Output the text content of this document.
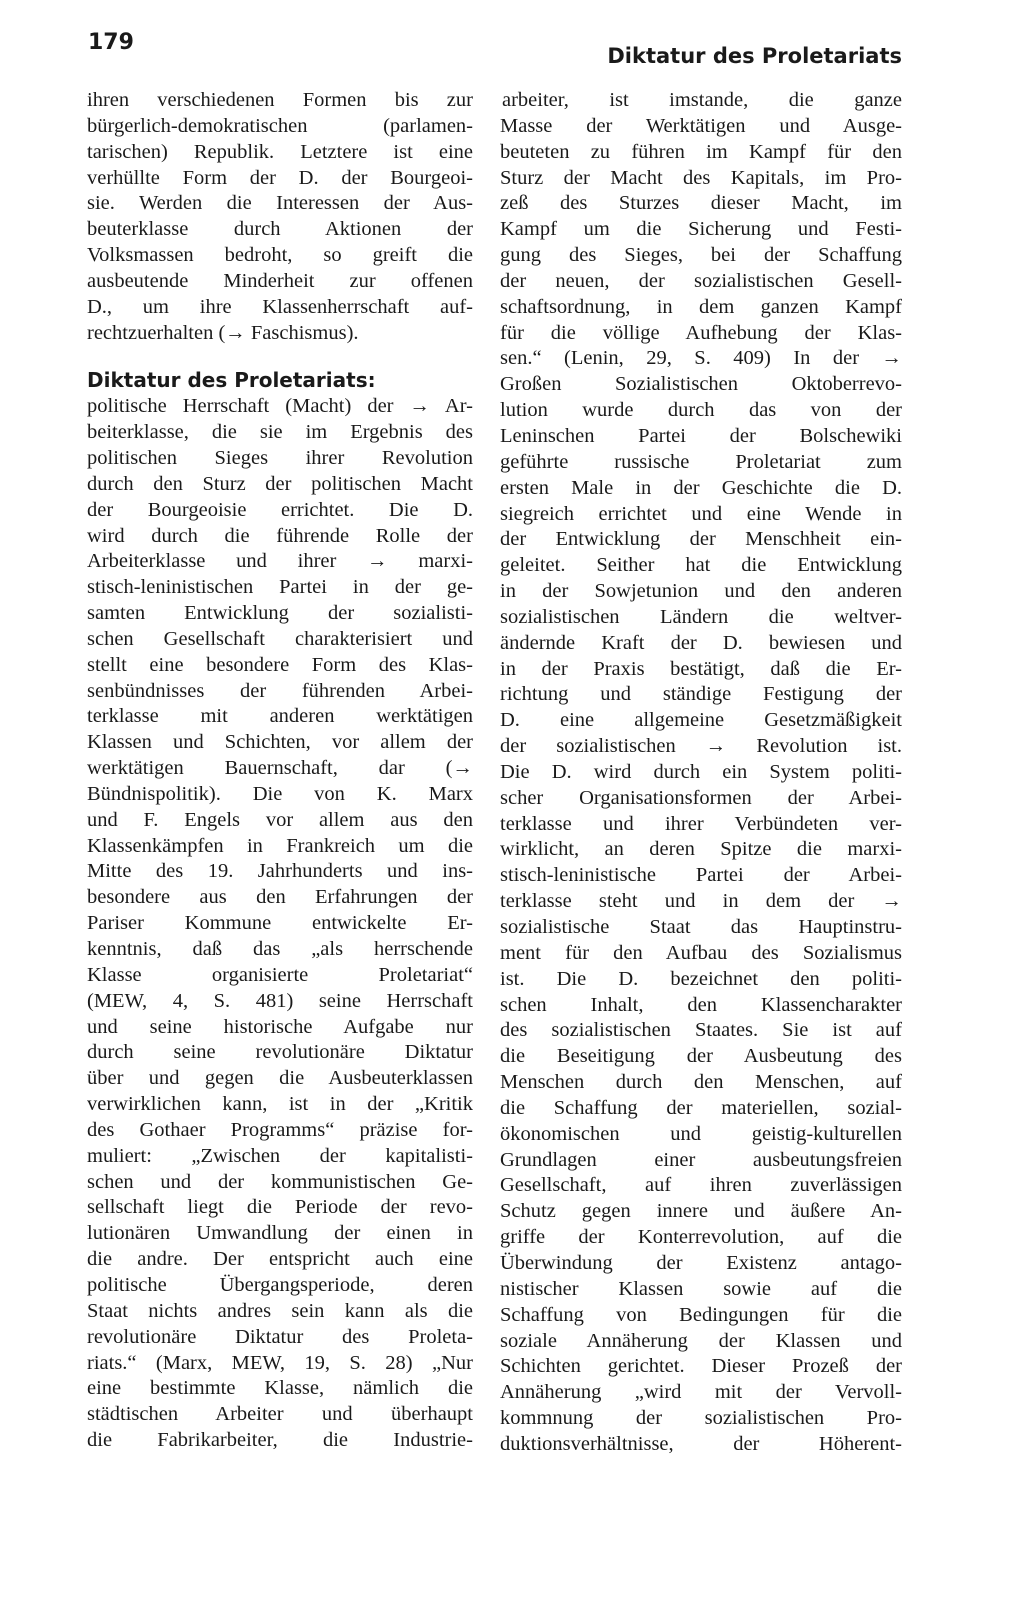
179
Diktatur des Proletariats
ihren verschiedenen Formen bis zur
bürgerlich-demokratischen (parlamen-
tarischen) Republik. Letztere ist eine
verhüllte Form der D. der Bourgeoi-
sie. Werden die Interessen der Aus-
beuterklasse durch Aktionen der
Volksmassen bedroht, so greift die
ausbeutende Minderheit zur offenen
D., um ihre Klassenherrschaft auf-
rechtzuerhalten (→ Faschismus).
Diktatur des Proletariats:
politische Herrschaft (Macht) der → Ar-
beiterklasse, die sie im Ergebnis des
politischen Sieges ihrer Revolution
durch den Sturz der politischen Macht
der Bourgeoisie errichtet. Die D.
wird durch die führende Rolle der
Arbeiterklasse und ihrer → marxi-
stisch-leninistischen Partei in der ge-
samten Entwicklung der sozialisti-
schen Gesellschaft charakterisiert und
stellt eine besondere Form des Klas-
senbündnisses der führenden Arbei-
terklasse mit anderen werktätigen
Klassen und Schichten, vor allem der
werktätigen Bauernschaft, dar (→
Bündnispolitik). Die von K. Marx
und F. Engels vor allem aus den
Klassenkämpfen in Frankreich um die
Mitte des 19. Jahrhunderts und ins-
besondere aus den Erfahrungen der
Pariser Kommune entwickelte Er-
kenntnis, daß das „als herrschende
Klasse organisierte Proletariat“
(MEW, 4, S. 481) seine Herrschaft
und seine historische Aufgabe nur
durch seine revolutionäre Diktatur
über und gegen die Ausbeuterklassen
verwirklichen kann, ist in der „Kritik
des Gothaer Programms“ präzise for-
muliert: „Zwischen der kapitalisti-
schen und der kommunistischen Ge-
sellschaft liegt die Periode der revo-
lutionären Umwandlung der einen in
die andre. Der entspricht auch eine
politische Übergangsperiode, deren
Staat nichts andres sein kann als die
revolutionäre Diktatur des Proleta-
riats.“ (Marx, MEW, 19, S. 28) „Nur
eine bestimmte Klasse, nämlich die
städtischen Arbeiter und überhaupt
die Fabrikarbeiter, die Industrie-
arbeiter, ist imstande, die ganze
Masse der Werktätigen und Ausge-
beuteten zu führen im Kampf für den
Sturz der Macht des Kapitals, im Pro-
zeß des Sturzes dieser Macht, im
Kampf um die Sicherung und Festi-
gung des Sieges, bei der Schaffung
der neuen, der sozialistischen Gesell-
schaftsordnung, in dem ganzen Kampf
für die völlige Aufhebung der Klas-
sen.“ (Lenin, 29, S. 409) In der →
Großen Sozialistischen Oktoberrevo-
lution wurde durch das von der
Leninschen Partei der Bolschewiki
geführte russische Proletariat zum
ersten Male in der Geschichte die D.
siegreich errichtet und eine Wende in
der Entwicklung der Menschheit ein-
geleitet. Seither hat die Entwicklung
in der Sowjetunion und den anderen
sozialistischen Ländern die weltver-
ändernde Kraft der D. bewiesen und
in der Praxis bestätigt, daß die Er-
richtung und ständige Festigung der
D. eine allgemeine Gesetzmäßigkeit
der sozialistischen → Revolution ist.
Die D. wird durch ein System politi-
scher Organisationsformen der Arbei-
terklasse und ihrer Verbündeten ver-
wirklicht, an deren Spitze die marxi-
stisch-leninistische Partei der Arbei-
terklasse steht und in dem der →
sozialistische Staat das Hauptinstru-
ment für den Aufbau des Sozialismus
ist. Die D. bezeichnet den politi-
schen Inhalt, den Klassencharakter
des sozialistischen Staates. Sie ist auf
die Beseitigung der Ausbeutung des
Menschen durch den Menschen, auf
die Schaffung der materiellen, sozial-
ökonomischen und geistig-kulturellen
Grundlagen einer ausbeutungsfreien
Gesellschaft, auf ihren zuverlässigen
Schutz gegen innere und äußere An-
griffe der Konterrevolution, auf die
Überwindung der Existenz antago-
nistischer Klassen sowie auf die
Schaffung von Bedingungen für die
soziale Annäherung der Klassen und
Schichten gerichtet. Dieser Prozeß der
Annäherung „wird mit der Vervoll-
kommnung der sozialistischen Pro-
duktionsverhältnisse, der Höherent-
